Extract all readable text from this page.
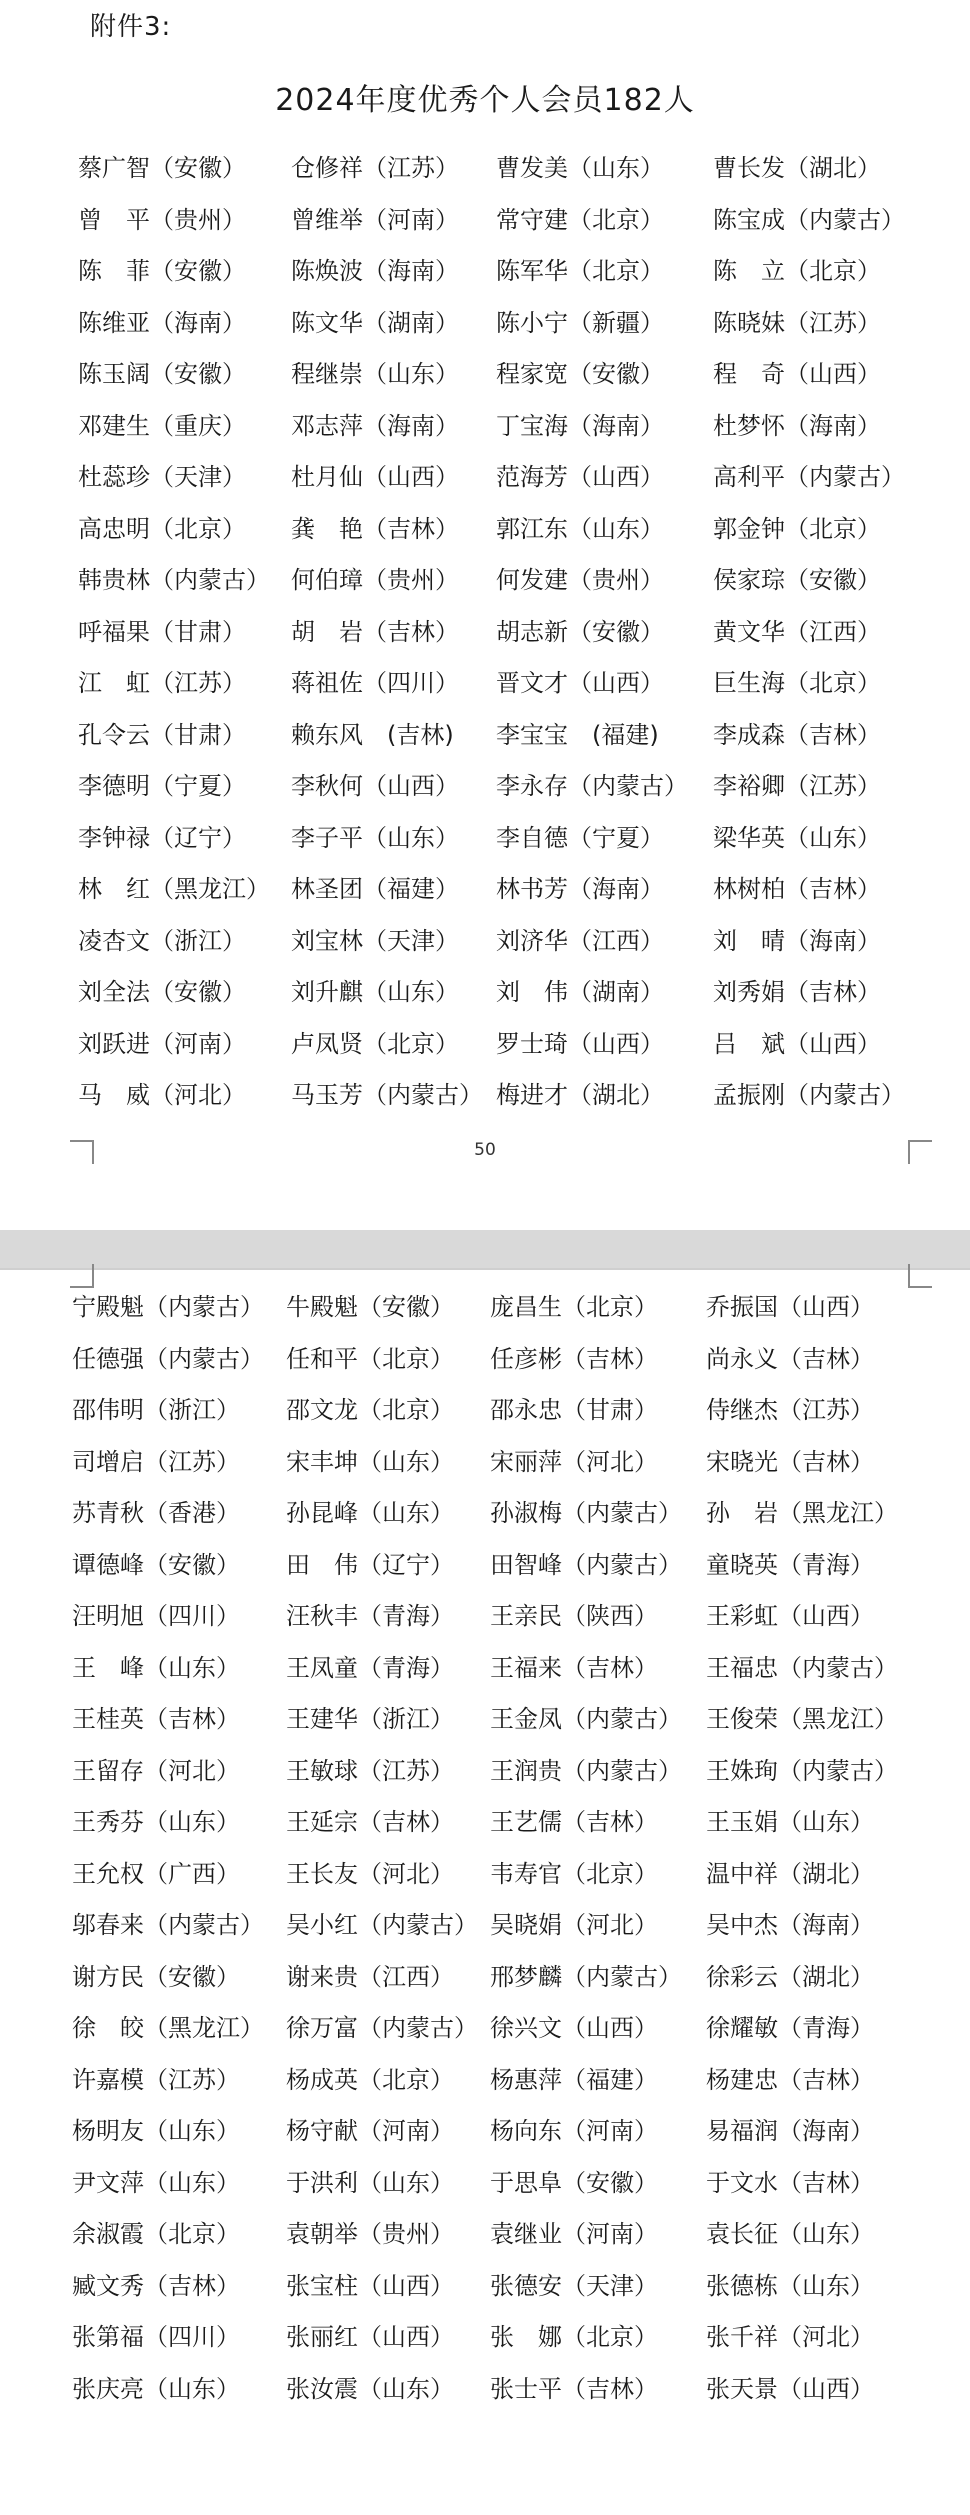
附件3:
2024年度优秀个人会员182人
蔡广智（安徽） 仓修祥（江苏） 曹发美（山东） 曹长发（湖北）
曾　平（贵州） 曾维举（河南） 常守建（北京） 陈宝成（内蒙古）
陈　菲（安徽） 陈焕波（海南） 陈军华（北京） 陈　立（北京）
陈维亚（海南） 陈文华（湖南） 陈小宁（新疆） 陈晓妹（江苏）
陈玉阔（安徽） 程继崇（山东） 程家宽（安徽） 程　奇（山西）
邓建生（重庆） 邓志萍（海南） 丁宝海（海南） 杜梦怀（海南）
杜蕊珍（天津） 杜月仙（山西） 范海芳（山西） 高利平（内蒙古）
高忠明（北京） 龚　艳（吉林） 郭江东（山东） 郭金钟（北京）
韩贵林（内蒙古） 何伯璋（贵州） 何发建（贵州） 侯家琮（安徽）
呼福果（甘肃） 胡　岩（吉林） 胡志新（安徽） 黄文华（江西）
江　虹（江苏） 蒋祖佐（四川） 晋文才（山西） 巨生海（北京）
孔令云（甘肃） 赖东风　(吉林) 李宝宝　(福建) 李成森（吉林）
李德明（宁夏） 李秋何（山西） 李永存（内蒙古） 李裕卿（江苏）
李钟禄（辽宁） 李子平（山东） 李自德（宁夏） 梁华英（山东）
林　红（黑龙江） 林圣团（福建） 林书芳（海南） 林树柏（吉林）
凌杏文（浙江） 刘宝林（天津） 刘济华（江西） 刘　晴（海南）
刘全法（安徽） 刘升麒（山东） 刘　伟（湖南） 刘秀娟（吉林）
刘跃进（河南） 卢凤贤（北京） 罗士琦（山西） 吕　斌（山西）
马　威（河北） 马玉芳（内蒙古） 梅进才（湖北） 孟振刚（内蒙古）
50
宁殿魁（内蒙古） 牛殿魁（安徽） 庞昌生（北京） 乔振国（山西）
任德强（内蒙古） 任和平（北京） 任彦彬（吉林） 尚永义（吉林）
邵伟明（浙江） 邵文龙（北京） 邵永忠（甘肃） 侍继杰（江苏）
司增启（江苏） 宋丰坤（山东） 宋丽萍（河北） 宋晓光（吉林）
苏青秋（香港） 孙昆峰（山东） 孙淑梅（内蒙古） 孙　岩（黑龙江）
谭德峰（安徽） 田　伟（辽宁） 田智峰（内蒙古） 童晓英（青海）
汪明旭（四川） 汪秋丰（青海） 王亲民（陕西） 王彩虹（山西）
王　峰（山东） 王凤童（青海） 王福来（吉林） 王福忠（内蒙古）
王桂英（吉林） 王建华（浙江） 王金凤（内蒙古） 王俊荣（黑龙江）
王留存（河北） 王敏球（江苏） 王润贵（内蒙古） 王姝珣（内蒙古）
王秀芬（山东） 王延宗（吉林） 王艺儒（吉林） 王玉娟（山东）
王允权（广西） 王长友（河北） 韦寿官（北京） 温中祥（湖北）
邬春来（内蒙古） 吴小红（内蒙古） 吴晓娟（河北） 吴中杰（海南）
谢方民（安徽） 谢来贵（江西） 邢梦麟（内蒙古） 徐彩云（湖北）
徐　皎（黑龙江） 徐万富（内蒙古） 徐兴文（山西） 徐耀敏（青海）
许嘉模（江苏） 杨成英（北京） 杨惠萍（福建） 杨建忠（吉林）
杨明友（山东） 杨守献（河南） 杨向东（河南） 易福润（海南）
尹文萍（山东） 于洪利（山东） 于思阜（安徽） 于文水（吉林）
余淑霞（北京） 袁朝举（贵州） 袁继业（河南） 袁长征（山东）
臧文秀（吉林） 张宝柱（山西） 张德安（天津） 张德栋（山东）
张第福（四川） 张丽红（山西） 张　娜（北京） 张千祥（河北）
张庆亮（山东） 张汝震（山东） 张士平（吉林） 张天景（山西）
